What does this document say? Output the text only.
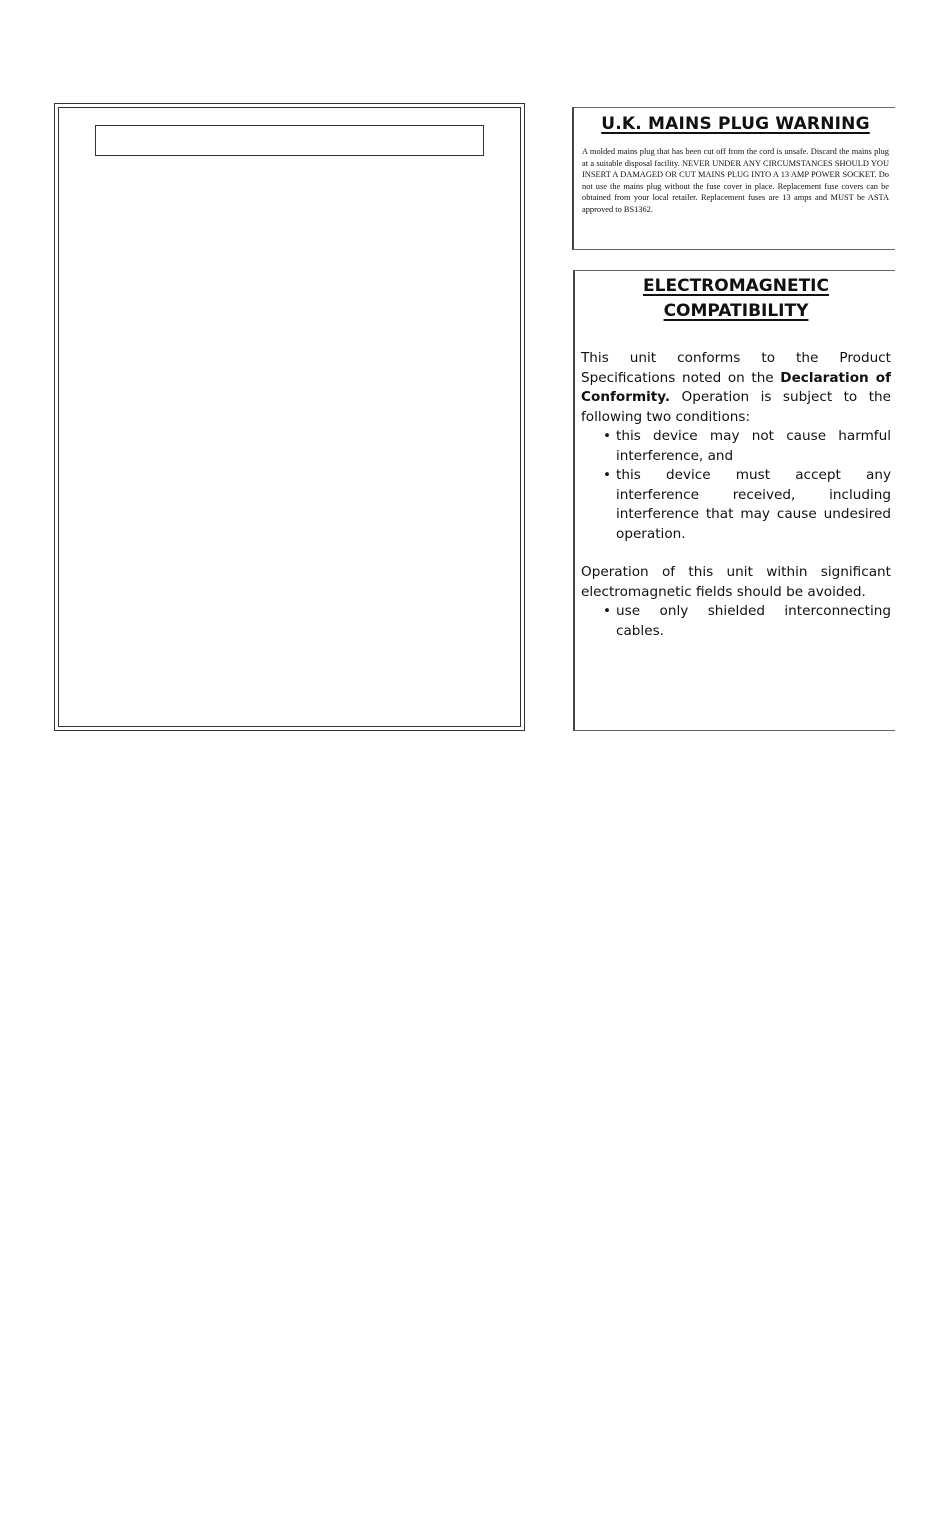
U.K. MAINS PLUG WARNING

A molded mains plug that has been cut off from the cord is unsafe. Discard the mains plug at a suitable disposal facility. NEVER UNDER ANY CIRCUMSTANCES SHOULD YOU INSERT A DAMAGED OR CUT MAINS PLUG INTO A 13 AMP POWER SOCKET. Do not use the mains plug without the fuse cover in place. Replacement fuse covers can be obtained from your local retailer. Replacement fuses are 13 amps and MUST be ASTA approved to BS1362.

ELECTROMAGNETIC
COMPATIBILITY

This unit conforms to the Product Specifications noted on the Declaration of Conformity. Operation is subject to the following two conditions:

• this device may not cause harmful interference, and
• this device must accept any interference received, including interference that may cause undesired operation.

Operation of this unit within significant electromagnetic fields should be avoided.

• use only shielded interconnecting cables.
